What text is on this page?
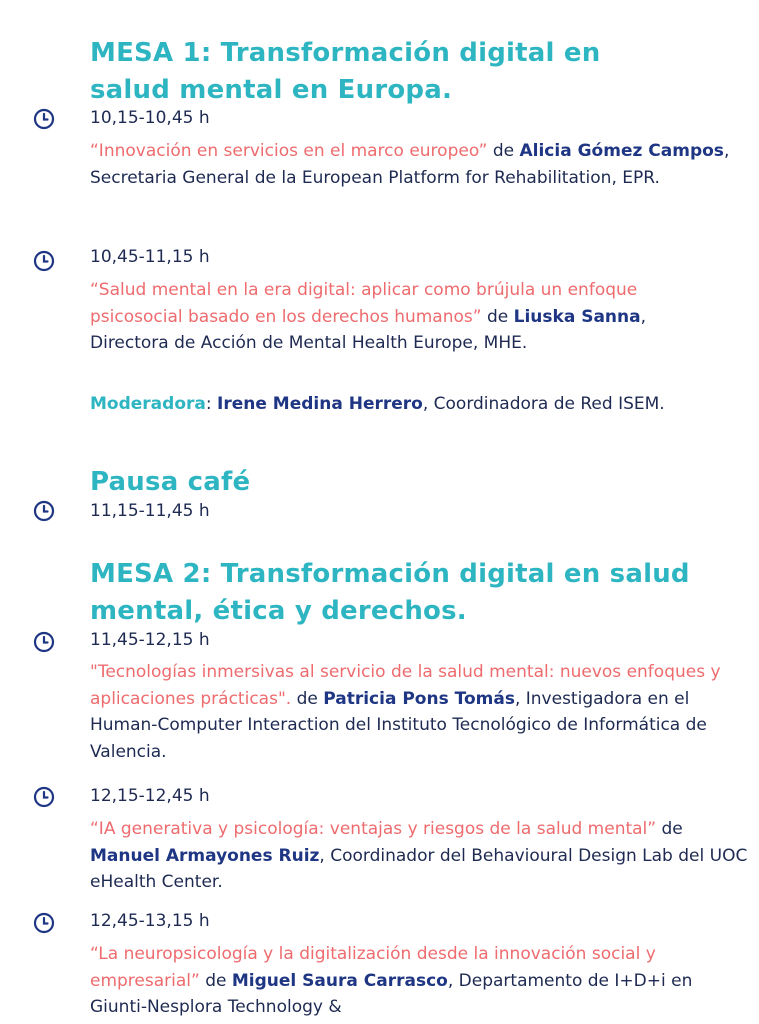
MESA 1: Transformación digital en
salud mental en Europa.
10,15-10,45 h
“Innovación en servicios en el marco europeo” de Alicia Gómez Campos, Secretaria General de la European Platform for Rehabilitation, EPR.
10,45-11,15 h
“Salud mental en la era digital: aplicar como brújula un enfoque psicosocial basado en los derechos humanos” de Liuska Sanna, Directora de Acción de Mental Health Europe, MHE.
Moderadora: Irene Medina Herrero, Coordinadora de Red ISEM.
Pausa café
11,15-11,45 h
MESA 2: Transformación digital en salud
mental, ética y derechos.
11,45-12,15 h
"Tecnologías inmersivas al servicio de la salud mental: nuevos enfoques y aplicaciones prácticas". de Patricia Pons Tomás, Investigadora en el Human-Computer Interaction del Instituto Tecnológico de Informática de Valencia.
12,15-12,45 h
“IA generativa y psicología: ventajas y riesgos de la salud mental” de Manuel Armayones Ruiz, Coordinador del Behavioural Design Lab del UOC eHealth Center.
12,45-13,15 h
“La neuropsicología y la digitalización desde la innovación social y empresarial” de Miguel Saura Carrasco, Departamento de I+D+i en Giunti-Nesplora Technology &
